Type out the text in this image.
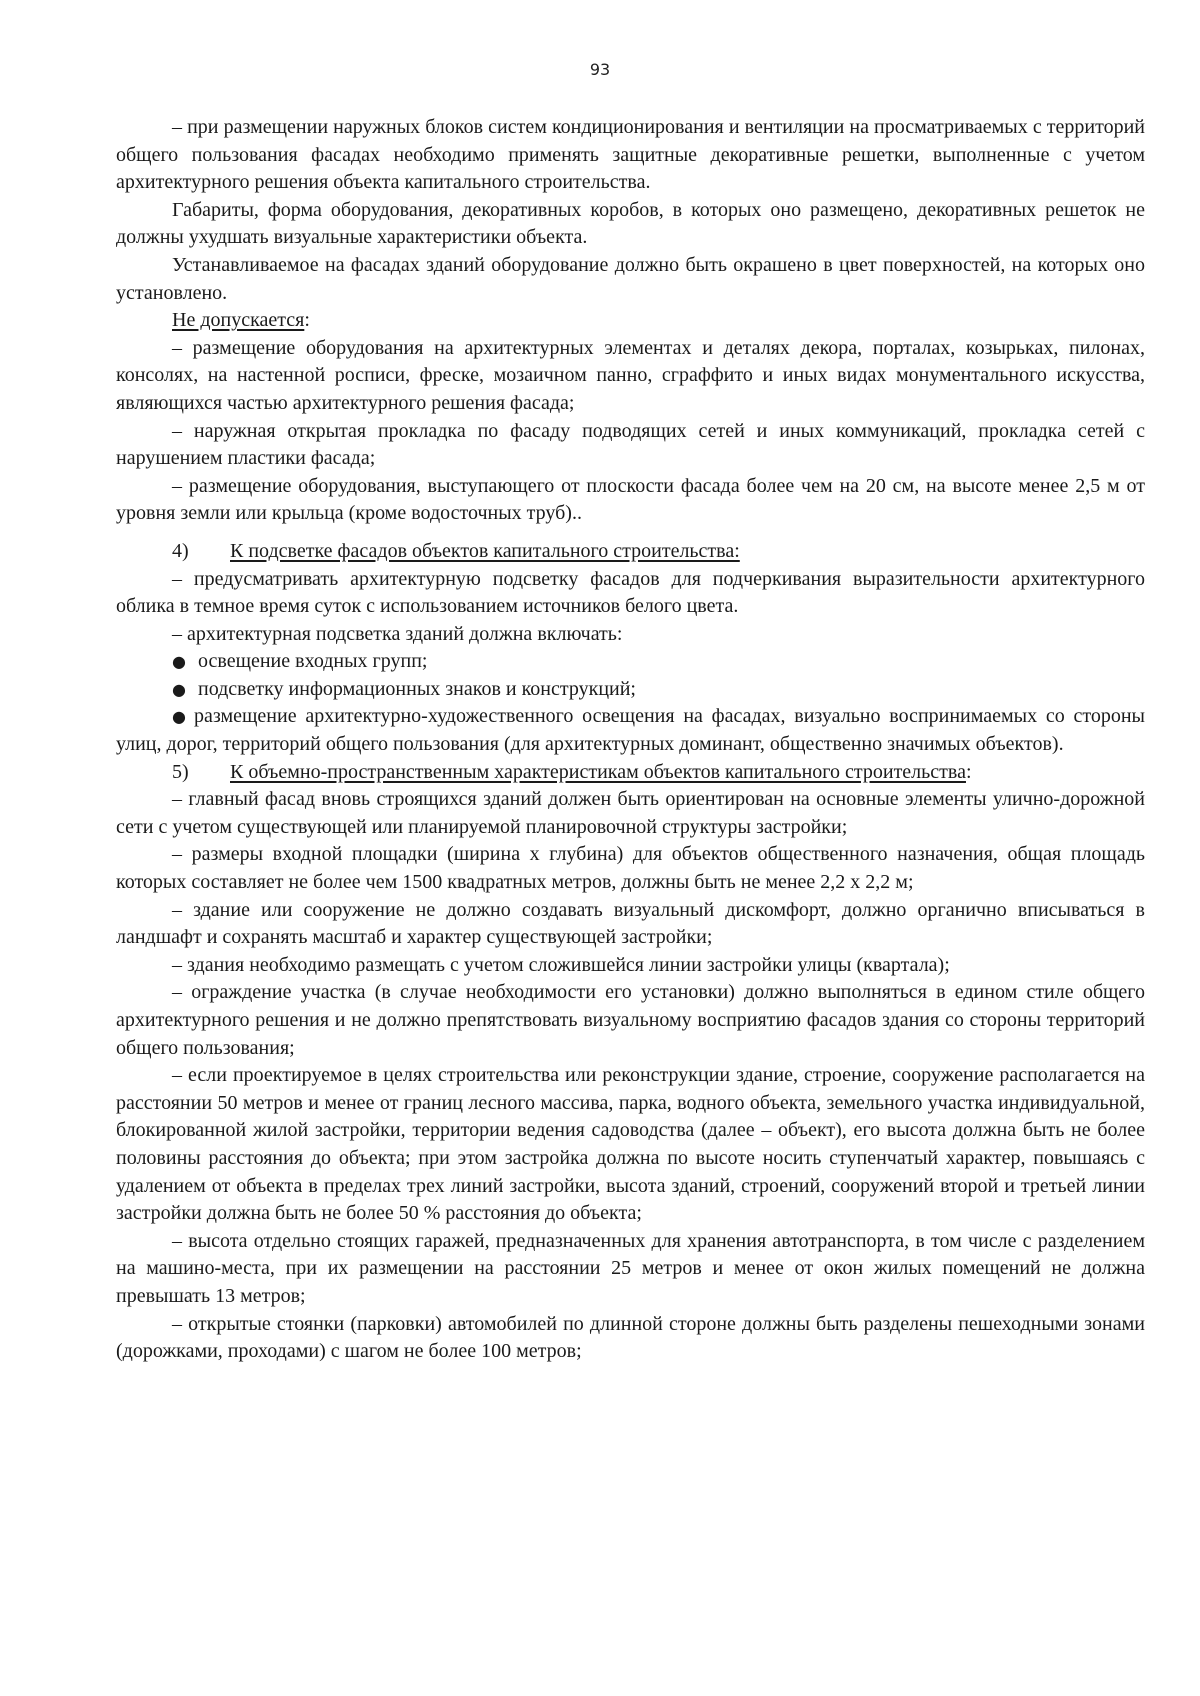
93

– при размещении наружных блоков систем кондиционирования и вентиляции на просматриваемых с территорий общего пользования фасадах необходимо применять защитные декоративные решетки, выполненные с учетом архитектурного решения объекта капитального строительства.

Габариты, форма оборудования, декоративных коробов, в которых оно размещено, декоративных решеток не должны ухудшать визуальные характеристики объекта.

Устанавливаемое на фасадах зданий оборудование должно быть окрашено в цвет поверхностей, на которых оно установлено.

Не допускается:

– размещение оборудования на архитектурных элементах и деталях декора, порталах, козырьках, пилонах, консолях, на настенной росписи, фреске, мозаичном панно, сграффито и иных видах монументального искусства, являющихся частью архитектурного решения фасада;

– наружная открытая прокладка по фасаду подводящих сетей и иных коммуникаций, прокладка сетей с нарушением пластики фасада;

– размещение оборудования, выступающего от плоскости фасада более чем на 20 см, на высоте менее 2,5 м от уровня земли или крыльца (кроме водосточных труб)..

4) К подсветке фасадов объектов капитального строительства:

– предусматривать архитектурную подсветку фасадов для подчеркивания выразительности архитектурного облика в темное время суток с использованием источников белого цвета.

– архитектурная подсветка зданий должна включать:

● освещение входных групп;

● подсветку информационных знаков и конструкций;

● размещение архитектурно-художественного освещения на фасадах, визуально воспринимаемых со стороны улиц, дорог, территорий общего пользования (для архитектурных доминант, общественно значимых объектов).

5) К объемно-пространственным характеристикам объектов капитального строительства:

– главный фасад вновь строящихся зданий должен быть ориентирован на основные элементы улично-дорожной сети с учетом существующей или планируемой планировочной структуры застройки;

– размеры входной площадки (ширина х глубина) для объектов общественного назначения, общая площадь которых составляет не более чем 1500 квадратных метров, должны быть не менее 2,2 х 2,2 м;

– здание или сооружение не должно создавать визуальный дискомфорт, должно органично вписываться в ландшафт и сохранять масштаб и характер существующей застройки;

– здания необходимо размещать с учетом сложившейся линии застройки улицы (квартала);

– ограждение участка (в случае необходимости его установки) должно выполняться в едином стиле общего архитектурного решения и не должно препятствовать визуальному восприятию фасадов здания со стороны территорий общего пользования;

– если проектируемое в целях строительства или реконструкции здание, строение, сооружение располагается на расстоянии 50 метров и менее от границ лесного массива, парка, водного объекта, земельного участка индивидуальной, блокированной жилой застройки, территории ведения садоводства (далее – объект), его высота должна быть не более половины расстояния до объекта; при этом застройка должна по высоте носить ступенчатый характер, повышаясь с удалением от объекта в пределах трех линий застройки, высота зданий, строений, сооружений второй и третьей линии застройки должна быть не более 50 % расстояния до объекта;

– высота отдельно стоящих гаражей, предназначенных для хранения автотранспорта, в том числе с разделением на машино-места, при их размещении на расстоянии 25 метров и менее от окон жилых помещений не должна превышать 13 метров;

– открытые стоянки (парковки) автомобилей по длинной стороне должны быть разделены пешеходными зонами (дорожками, проходами) с шагом не более 100 метров;
